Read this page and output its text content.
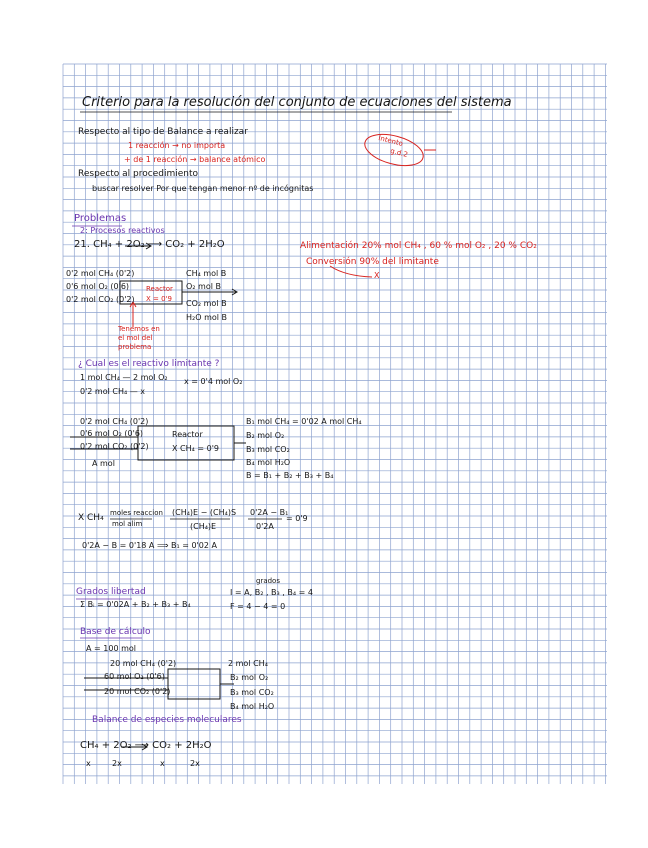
Criterio para la resolución del conjunto de ecuaciones del sistema
Respecto al tipo de Balance a realizar
1 reacción → no importa
+ de 1 reacción → balance atómico
Respecto al procedimiento
buscar resolver Por que tengan menor nº de incógnitas
Intento
g.d.2
Problemas
2: Procesos reactivos
21. CH₄ + 2O₂ ⟶ CO₂ + 2H₂O	Alimentación 20% mol CH₄ , 60 % mol O₂ , 20 % CO₂
Conversión 90% del limitante
X
0'2 mol CH₄ (0'2)
0'6 mol O₂ (0'6)
0'2 mol CO₂ (0'2)
Reactor
X = 0'9
CH₄ mol B
O₂ mol B
CO₂ mol B
H₂O mol B
Tenemos en
el mol del
problema
¿ Cual es el reactivo limitante ?
1 mol CH₄ — 2 mol O₂
0'2 mol CH₄ — x
x = 0'4 mol O₂
0'2 mol CH₄ (0'2)
0'6 mol O₂ (0'6)
0'2 mol CO₂ (0'2)
A mol
Reactor
X CH₄ = 0'9
B₁ mol CH₄ = 0'02 A mol CH₄
B₂ mol O₂
B₃ mol CO₂
B₄ mol H₂O
B = B₁ + B₂ + B₃ + B₄
X CH₄ moles reaccion
mol alim
(CH₄)E − (CH₄)S
(CH₄)E
0'2A − B₁
0'2A
= 0'9
0'2A − B = 0'18 A ⟹ B₁ = 0'02 A
Grados libertad
Σ Bᵢ = 0'02A + B₂ + B₃ + B₄
grados
I = A, B₂ , B₃ , B₄ = 4
F = 4 − 4 = 0
Base de cálculo
A = 100 mol
20 mol CH₄ (0'2)
60 mol O₂ (0'6)
20 mol CO₂ (0'2)
2 mol CH₄
B₂ mol O₂
B₃ mol CO₂
B₄ mol H₂O
Balance de especies moleculares
CH₄ + 2O₂ ⟶ CO₂ + 2H₂O
x	2x	x	2x
